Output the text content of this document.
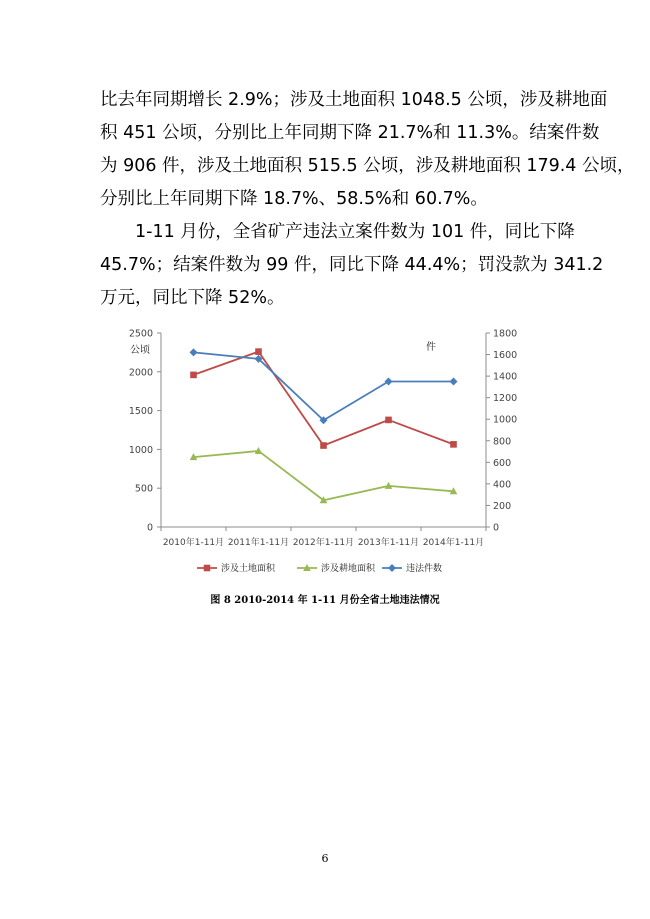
比去年同期增长 2.9%；涉及土地面积 1048.5 公顷，涉及耕地面
积 451 公顷，分别比上年同期下降 21.7%和 11.3%。结案件数
为 906 件，涉及土地面积 515.5 公顷，涉及耕地面积 179.4 公顷，
分别比上年同期下降 18.7%、58.5%和 60.7%。
1-11 月份，全省矿产违法立案件数为 101 件，同比下降
45.7%；结案件数为 99 件，同比下降 44.4%；罚没款为 341.2
万元，同比下降 52%。
0
500
1000
1500
2000
2500
0
200
400
600
800
1000
1200
1400
1600
1800
2010年1-11月 2011年1-11月 2012年1-11月 2013年1-11月 2014年1-11月
公顷	件
涉及土地面积	涉及耕地面积	违法件数
图 8 2010-2014 年 1-11 月份全省土地违法情况
6
